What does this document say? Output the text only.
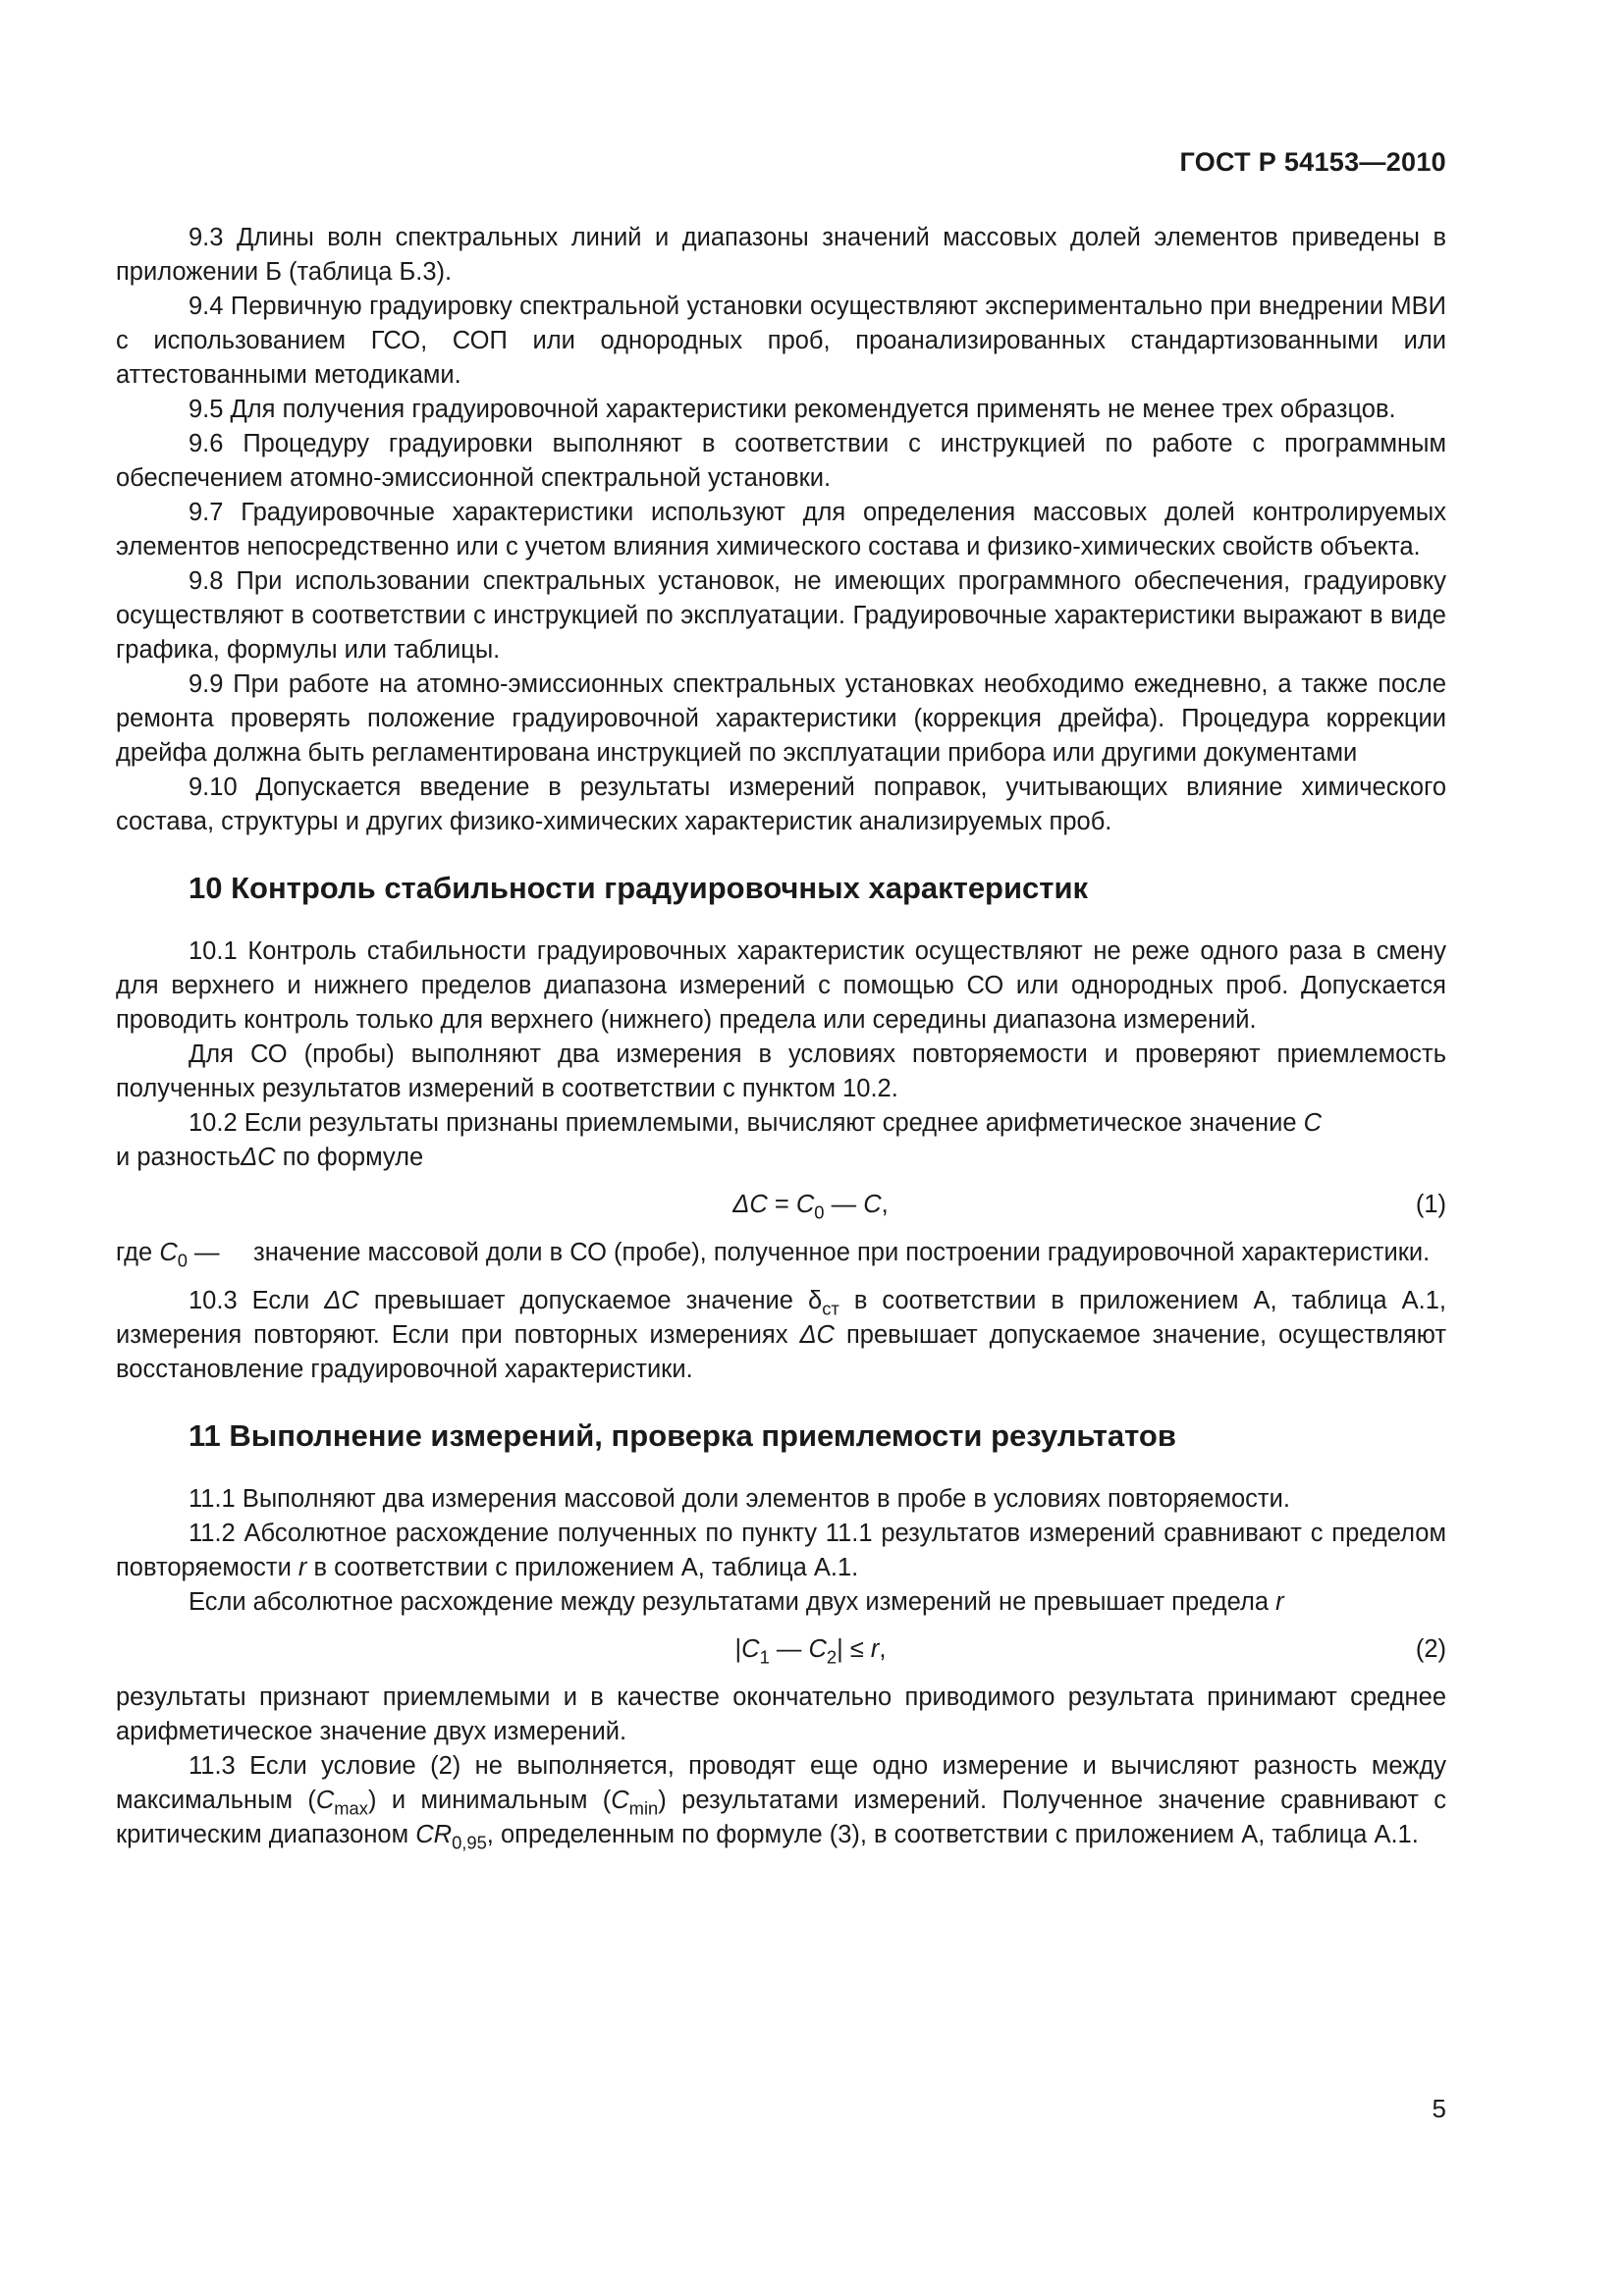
ГОСТ Р 54153—2010

9.3 Длины волн спектральных линий и диапазоны значений массовых долей элементов приведены в приложении Б (таблица Б.3).

9.4 Первичную градуировку спектральной установки осуществляют экспериментально при внедрении МВИ с использованием ГСО, СОП или однородных проб, проанализированных стандартизованными или аттестованными методиками.

9.5 Для получения градуировочной характеристики рекомендуется применять не менее трех образцов.

9.6 Процедуру градуировки выполняют в соответствии с инструкцией по работе с программным обеспечением атомно-эмиссионной спектральной установки.

9.7 Градуировочные характеристики используют для определения массовых долей контролируемых элементов непосредственно или с учетом влияния химического состава и физико-химических свойств объекта.

9.8 При использовании спектральных установок, не имеющих программного обеспечения, градуировку осуществляют в соответствии с инструкцией по эксплуатации. Градуировочные характеристики выражают в виде графика, формулы или таблицы.

9.9 При работе на атомно-эмиссионных спектральных установках необходимо ежедневно, а также после ремонта проверять положение градуировочной характеристики (коррекция дрейфа). Процедура коррекции дрейфа должна быть регламентирована инструкцией по эксплуатации прибора или другими документами

9.10 Допускается введение в результаты измерений поправок, учитывающих влияние химического состава, структуры и других физико-химических характеристик анализируемых проб.

10 Контроль стабильности градуировочных характеристик

10.1 Контроль стабильности градуировочных характеристик осуществляют не реже одного раза в смену для верхнего и нижнего пределов диапазона измерений с помощью СО или однородных проб. Допускается проводить контроль только для верхнего (нижнего) предела или середины диапазона измерений.

Для СО (пробы) выполняют два измерения в условиях повторяемости и проверяют приемлемость полученных результатов измерений в соответствии с пунктом 10.2.

10.2 Если результаты признаны приемлемыми, вычисляют среднее арифметическое значение C
и разностьΔC по формуле

$\Delta C = C_0$ — C,	(1)
где $C_0$ —	значение массовой доли в СО (пробе), полученное при построении градуировочной характеристики.

10.3 Если ΔC превышает допускаемое значение $\delta_{ст}$ в соответствии в приложением А, таблица А.1, измерения повторяют. Если при повторных измерениях ΔC превышает допускаемое значение, осуществляют восстановление градуировочной характеристики.

11 Выполнение измерений, проверка приемлемости результатов

11.1 Выполняют два измерения массовой доли элементов в пробе в условиях повторяемости.

11.2 Абсолютное расхождение полученных по пункту 11.1 результатов измерений сравнивают с пределом повторяемости r в соответствии с приложением А, таблица А.1.

Если абсолютное расхождение между результатами двух измерений не превышает предела r

$|C_1$ — $C_2| \le r$,	(2)

результаты признают приемлемыми и в качестве окончательно приводимого результата принимают среднее арифметическое значение двух измерений.

11.3 Если условие (2) не выполняется, проводят еще одно измерение и вычисляют разность между максимальным $(C_{max})$ и минимальным $(C_{min})$ результатами измерений. Полученное значение сравнивают с критическим диапазоном $CR_{0,95}$, определенным по формуле (3), в соответствии с приложением А, таблица А.1.

5
